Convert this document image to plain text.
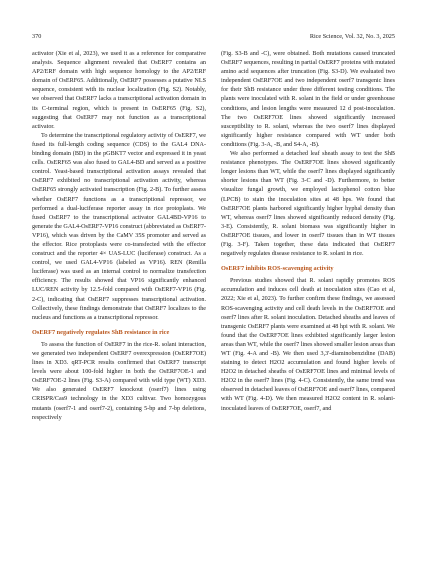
370	Rice Science, Vol. 32, No. 3, 2025

activator (Xie et al, 2023), we used it as a reference for comparative analysis. Sequence alignment revealed that OsERF7 contains an AP2/ERF domain with high sequence homology to the AP2/ERF domain of OsERF65. Additionally, OsERF7 possesses a putative NLS sequence, consistent with its nuclear localization (Fig. S2). Notably, we observed that OsERF7 lacks a transcriptional activation domain in its C-terminal region, which is present in OsERF65 (Fig. S2), suggesting that OsERF7 may not function as a transcriptional activator.

To determine the transcriptional regulatory activity of OsERF7, we fused its full-length coding sequence (CDS) to the GAL4 DNA-binding domain (BD) in the pGBKT7 vector and expressed it in yeast cells. OsERF65 was also fused to GAL4-BD and served as a positive control. Yeast-based transcriptional activation assays revealed that OsERF7 exhibited no transcriptional activation activity, whereas OsERF65 strongly activated transcription (Fig. 2-B). To further assess whether OsERF7 functions as a transcriptional repressor, we performed a dual-luciferase reporter assay in rice protoplasts. We fused OsERF7 to the transcriptional activator GAL4BD-VP16 to generate the GAL4-OsERF7-VP16 construct (abbreviated as OsERF7-VP16), which was driven by the CaMV 35S promoter and served as the effector. Rice protoplasts were co-transfected with the effector construct and the reporter 4× UAS-LUC (luciferase) construct. As a control, we used GAL4-VP16 (labeled as VP16). REN (Renilla luciferase) was used as an internal control to normalize transfection efficiency. The results showed that VP16 significantly enhanced LUC/REN activity by 12.5-fold compared with OsERF7-VP16 (Fig. 2-C), indicating that OsERF7 suppresses transcriptional activation. Collectively, these findings demonstrate that OsERF7 localizes to the nucleus and functions as a transcriptional repressor.

OsERF7 negatively regulates ShB resistance in rice

To assess the function of OsERF7 in the rice-R. solani interaction, we generated two independent OsERF7 overexpression (OsERF7OE) lines in XD3. qRT-PCR results confirmed that OsERF7 transcript levels were about 100-fold higher in both the OsERF7OE-1 and OsERF7OE-2 lines (Fig. S3-A) compared with wild type (WT) XD3. We also generated OsERF7 knockout (oserf7) lines using CRISPR/Cas9 technology in the XD3 cultivar. Two homozygous mutants (oserf7-1 and oserf7-2), containing 5-bp and 7-bp deletions, respectively

(Fig. S3-B and -C), were obtained. Both mutations caused truncated OsERF7 sequences, resulting in partial OsERF7 proteins with mutated amino acid sequences after truncation (Fig. S3-D). We evaluated two independent OsERF7OE and two independent oserf7 transgenic lines for their ShB resistance under three different testing conditions. The plants were inoculated with R. solani in the field or under greenhouse conditions, and lesion lengths were measured 12 d post-inoculation. The two OsERF7OE lines showed significantly increased susceptibility to R. solani, whereas the two oserf7 lines displayed significantly higher resistance compared with WT under both conditions (Fig. 3-A, -B, and S4-A, -B).

We also performed a detached leaf sheath assay to test the ShB resistance phenotypes. The OsERF7OE lines showed significantly longer lesions than WT, while the oserf7 lines displayed significantly shorter lesions than WT (Fig. 3-C and -D). Furthermore, to better visualize fungal growth, we employed lactophenol cotton blue (LPCB) to stain the inoculation sites at 48 hps. We found that OsERF7OE plants harbored significantly higher hyphal density than WT, whereas oserf7 lines showed significantly reduced density (Fig. 3-E). Consistently, R. solani biomass was significantly higher in OsERF7OE tissues, and lower in oserf7 tissues than in WT tissues (Fig. 3-F). Taken together, these data indicated that OsERF7 negatively regulates disease resistance to R. solani in rice.

OsERF7 inhibits ROS-scavenging activity

Previous studies showed that R. solani rapidly promotes ROS accumulation and induces cell death at inoculation sites (Cao et al, 2022; Xie et al, 2023). To further confirm these findings, we assessed ROS-scavenging activity and cell death levels in the OsERF7OE and oserf7 lines after R. solani inoculation. Detached sheaths and leaves of transgenic OsERF7 plants were examined at 48 hpi with R. solani. We found that the OsERF7OE lines exhibited significantly larger lesion areas than WT, while the oserf7 lines showed smaller lesion areas than WT (Fig. 4-A and -B). We then used 3,3'-diaminobenzidine (DAB) staining to detect H2O2 accumulation and found higher levels of H2O2 in detached sheaths of OsERF7OE lines and minimal levels of H2O2 in the oserf7 lines (Fig. 4-C). Consistently, the same trend was observed in detached leaves of OsERF7OE and oserf7 lines, compared with WT (Fig. 4-D). We then measured H2O2 content in R. solani-inoculated leaves of OsERF7OE, oserf7, and
